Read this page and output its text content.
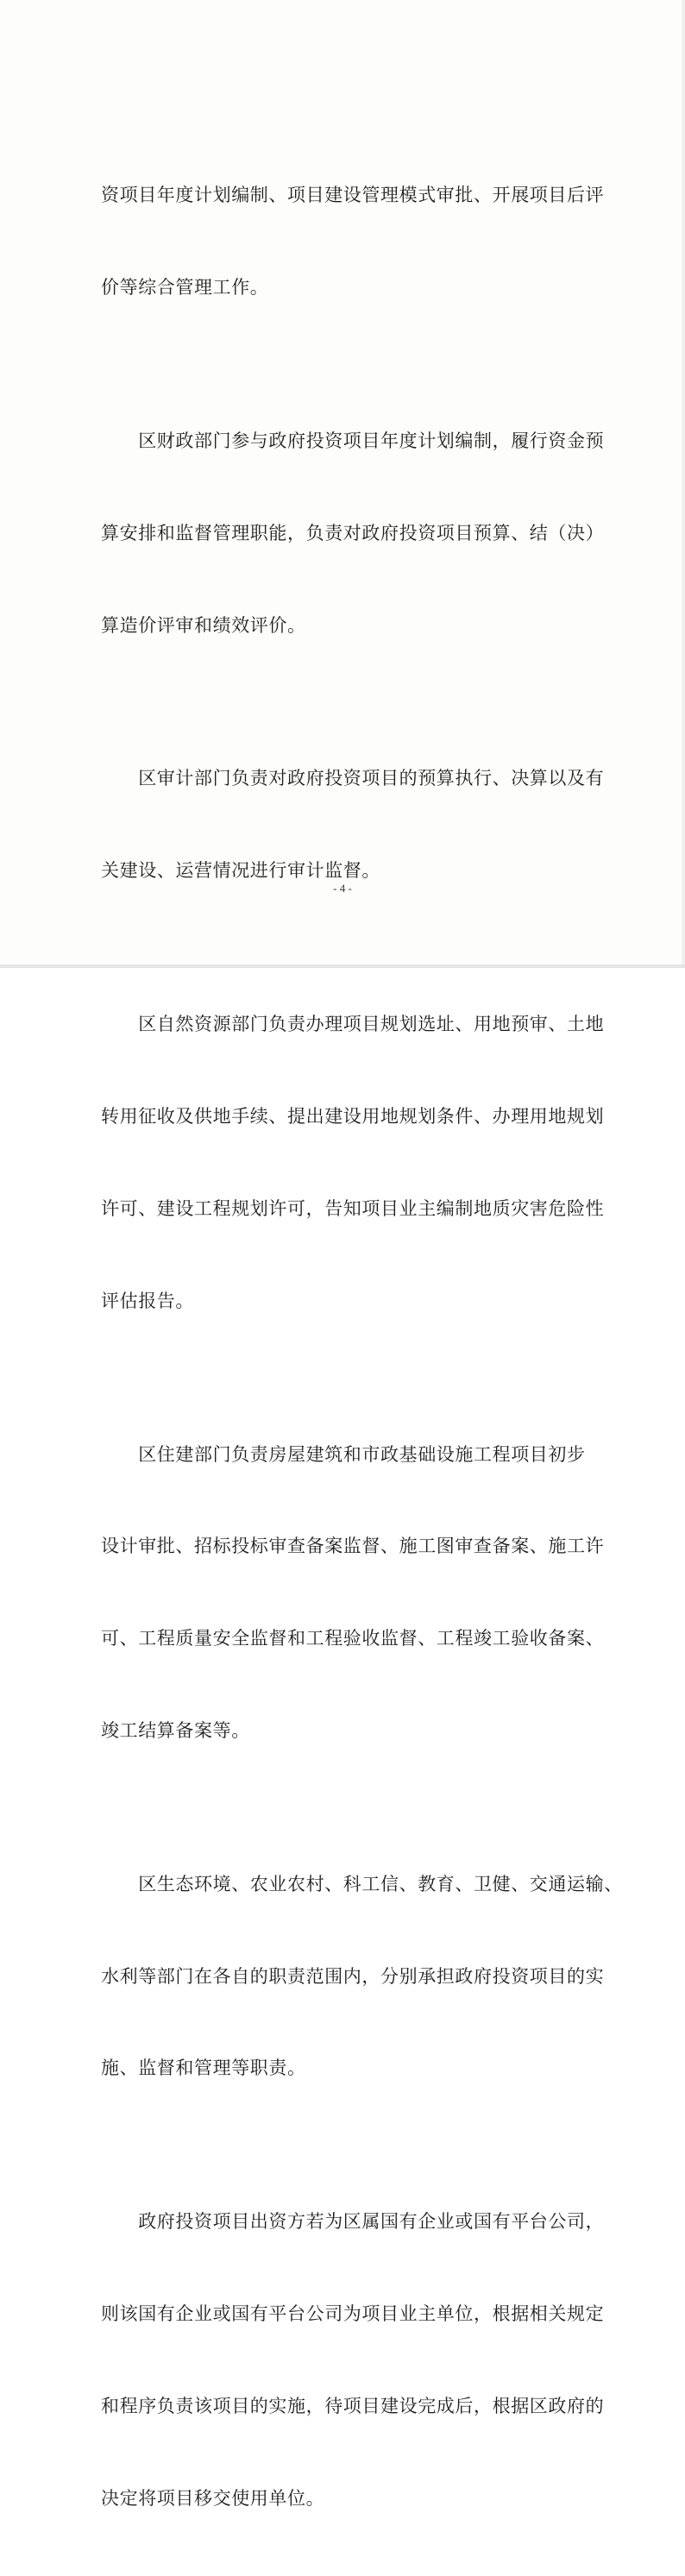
资项目年度计划编制、项目建设管理模式审批、开展项目后评

价等综合管理工作。

　　区财政部门参与政府投资项目年度计划编制，履行资金预

算安排和监督管理职能，负责对政府投资项目预算、结（决）

算造价评审和绩效评价。

　　区审计部门负责对政府投资项目的预算执行、决算以及有

关建设、运营情况进行审计监督。

　　区自然资源部门负责办理项目规划选址、用地预审、土地

转用征收及供地手续、提出建设用地规划条件、办理用地规划

许可、建设工程规划许可，告知项目业主编制地质灾害危险性

评估报告。

　　区住建部门负责房屋建筑和市政基础设施工程项目初步

设计审批、招标投标审查备案监督、施工图审查备案、施工许

可、工程质量安全监督和工程验收监督、工程竣工验收备案、

竣工结算备案等。

　　区生态环境、农业农村、科工信、教育、卫健、交通运输、

水利等部门在各自的职责范围内，分别承担政府投资项目的实

施、监督和管理等职责。

　　政府投资项目出资方若为区属国有企业或国有平台公司，

则该国有企业或国有平台公司为项目业主单位，根据相关规定

和程序负责该项目的实施，待项目建设完成后，根据区政府的

决定将项目移交使用单位。

- 4 -
